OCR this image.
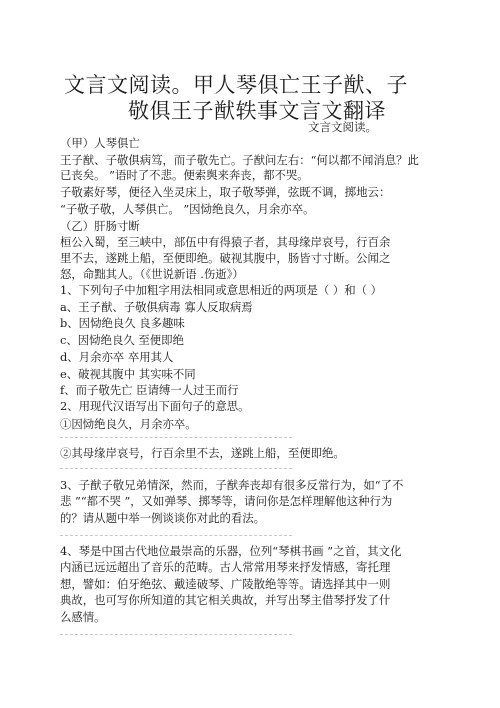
文言文阅读。甲人琴俱亡王子猷、子
敬俱王子猷轶事文言文翻译
文言文阅读。
（甲）人琴俱亡
王子猷、子敬俱病笃，而子敬先亡。子猷问左右：“何以都不闻消息？此
已丧矣。 ”语时了不悲。便索舆来奔丧，都不哭。
子敬素好琴，便径入坐灵床上，取子敬琴弹，弦既不调，掷地云：
“子敬子敬，人琴俱亡。 ”因恸绝良久，月余亦卒。
（乙）肝肠寸断
桓公入蜀，至三峡中，部伍中有得猿子者，其母缘岸哀号，行百余
里不去，遂跳上船，至便即绝。破视其腹中，肠皆寸寸断。公闻之
怒，命黜其人。（《世说新语 .伤逝》）
1、下列句子中加粗字用法相同或意思相近的两项是（ ）和（ ）
a、王子猷、子敬俱病毒 寡人反取病焉
b、因恸绝良久 良多趣味
c、因恸绝良久 至便即绝
d、月余亦卒 卒用其人
e、破视其腹中 其实味不同
f、而子敬先亡 臣请缚一人过王而行
2、用现代汉语写出下面句子的意思。
①因恸绝良久，月余亦卒。
②其母缘岸哀号，行百余里不去，遂跳上船，至便即绝。
3、子猷子敬兄弟情深，然而，子猷奔丧却有很多反常行为，如“了不
悲 ”“都不哭 ”，又如弹琴、掷琴等，请问你是怎样理解他这种行为
的？请从题中举一例谈谈你对此的看法。
4、琴是中国古代地位最崇高的乐器，位列“琴棋书画 ”之首，其文化
内涵已远远超出了音乐的范畴。古人常常用琴来抒发情感，寄托理
想，譬如：伯牙绝弦、戴逵破琴、广陵散绝等等。请选择其中一则
典故，也可写你所知道的其它相关典故，并写出琴主借琴抒发了什
么感情。
